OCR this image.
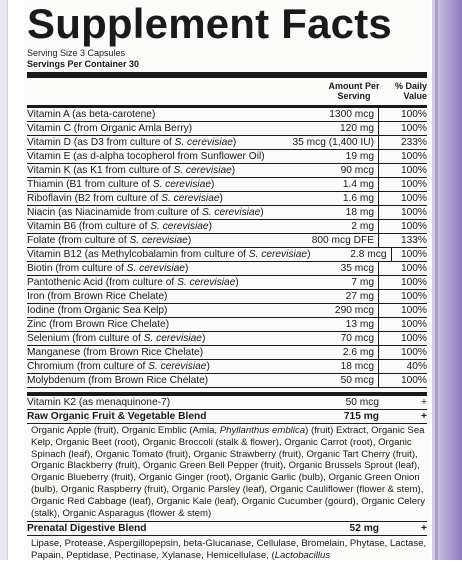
Supplement Facts
Serving Size 3 Capsules
Servings Per Container 30
Amount Per Serving
% Daily Value
Vitamin A (as beta-carotene)	1300 mcg	100%
Vitamin C (from Organic Amla Berry)	120 mg	100%
Vitamin D (as D3 from culture of S. cerevisiae)	35 mcg (1,400 IU)	233%
Vitamin E (as d-alpha tocopherol from Sunflower Oil)	19 mg	100%
Vitamin K (as K1 from culture of S. cerevisiae)	90 mcg	100%
Thiamin (B1 from culture of S. cerevisiae)	1.4 mg	100%
Riboflavin (B2 from culture of S. cerevisiae)	1.6 mg	100%
Niacin (as Niacinamide from culture of S. cerevisiae)	18 mg	100%
Vitamin B6 (from culture of S. cerevisiae)	2 mg	100%
Folate (from culture of S. cerevisiae)	800 mcg DFE	133%
Vitamin B12 (as Methylcobalamin from culture of S. cerevisiae)	2.8 mcg	100%
Biotin (from culture of S. cerevisiae)	35 mcg	100%
Pantothenic Acid (from culture of S. cerevisiae)	7 mg	100%
Iron (from Brown Rice Chelate)	27 mg	100%
Iodine (from Organic Sea Kelp)	290 mcg	100%
Zinc (from Brown Rice Chelate)	13 mg	100%
Selenium (from culture of S. cerevisiae)	70 mcg	100%
Manganese (from Brown Rice Chelate)	2.6 mg	100%
Chromium (from culture of S. cerevisiae)	18 mcg	40%
Molybdenum (from Brown Rice Chelate)	50 mcg	100%
Vitamin K2 (as menaquinone-7)	50 mcg	+
Raw Organic Fruit & Vegetable Blend	715 mg	+
Organic Apple (fruit), Organic Emblic (Amla, Phyllanthus emblica) (fruit) Extract, Organic Sea Kelp, Organic Beet (root), Organic Broccoli (stalk & flower), Organic Carrot (root), Organic Spinach (leaf), Organic Tomato (fruit), Organic Strawberry (fruit), Organic Tart Cherry (fruit), Organic Blackberry (fruit), Organic Green Bell Pepper (fruit), Organic Brussels Sprout (leaf), Organic Blueberry (fruit), Organic Ginger (root), Organic Garlic (bulb), Organic Green Onion (bulb), Organic Raspberry (fruit), Organic Parsley (leaf), Organic Cauliflower (flower & stem), Organic Red Cabbage (leaf), Organic Kale (leaf), Organic Cucumber (gourd), Organic Celery (stalk), Organic Asparagus (flower & stem)
Prenatal Digestive Blend	52 mg	+
Lipase, Protease, Aspergillopepsin, beta-Glucanase, Cellulase, Bromelain, Phytase, Lactase, Papain, Peptidase, Pectinase, Xylanase, Hemicellulase, (Lactobacillus
